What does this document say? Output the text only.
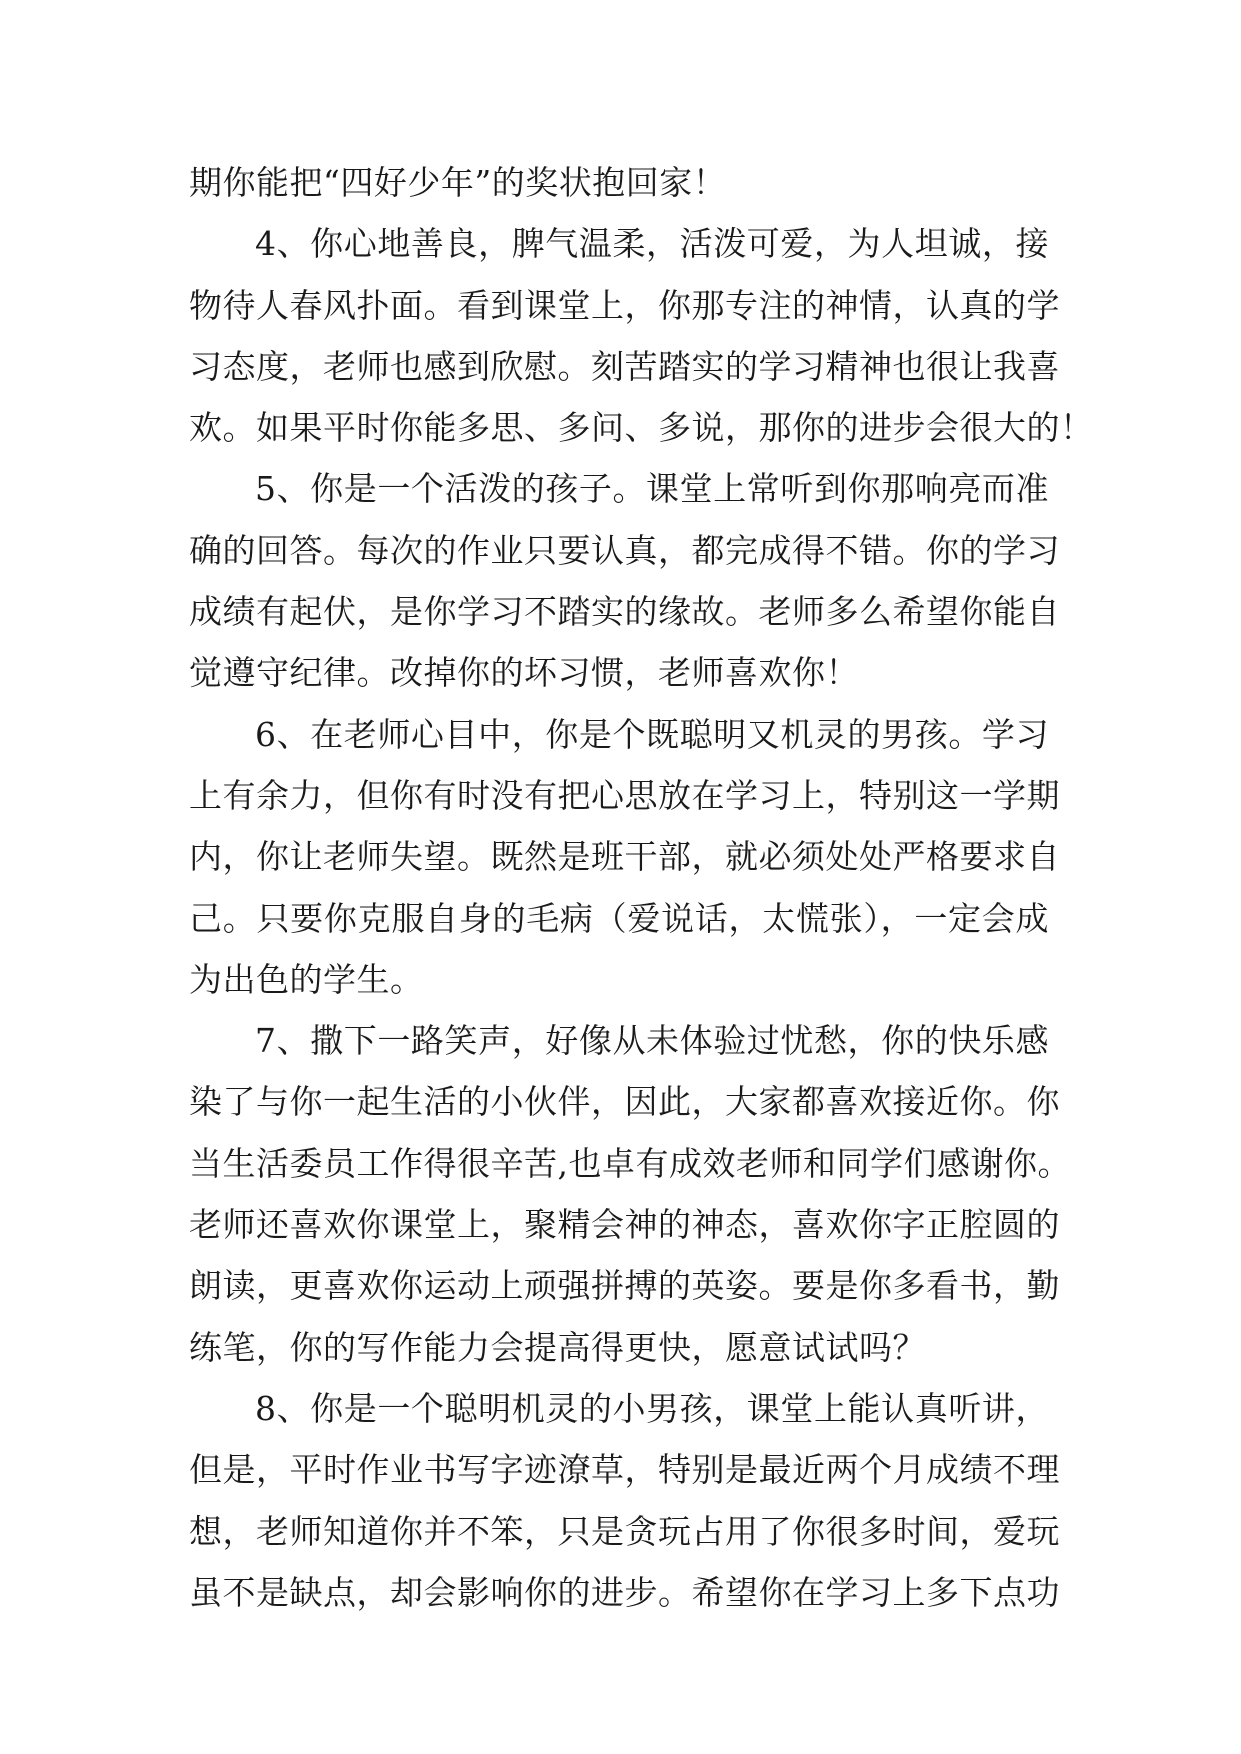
期你能把“四好少年”的奖状抱回家！
4、你心地善良，脾气温柔，活泼可爱，为人坦诚，接
物待人春风扑面。看到课堂上，你那专注的神情，认真的学
习态度，老师也感到欣慰。刻苦踏实的学习精神也很让我喜
欢。如果平时你能多思、多问、多说，那你的进步会很大的！
5、你是一个活泼的孩子。课堂上常听到你那响亮而准
确的回答。每次的作业只要认真，都完成得不错。你的学习
成绩有起伏，是你学习不踏实的缘故。老师多么希望你能自
觉遵守纪律。改掉你的坏习惯，老师喜欢你！
6、在老师心目中，你是个既聪明又机灵的男孩。学习
上有余力，但你有时没有把心思放在学习上，特别这一学期
内，你让老师失望。既然是班干部，就必须处处严格要求自
己。只要你克服自身的毛病（爱说话，太慌张），一定会成
为出色的学生。
7、撒下一路笑声，好像从未体验过忧愁，你的快乐感
染了与你一起生活的小伙伴，因此，大家都喜欢接近你。你
当生活委员工作得很辛苦,也卓有成效老师和同学们感谢你。
老师还喜欢你课堂上，聚精会神的神态，喜欢你字正腔圆的
朗读，更喜欢你运动上顽强拼搏的英姿。要是你多看书，勤
练笔，你的写作能力会提高得更快，愿意试试吗？
8、你是一个聪明机灵的小男孩，课堂上能认真听讲，
但是，平时作业书写字迹潦草，特别是最近两个月成绩不理
想，老师知道你并不笨，只是贪玩占用了你很多时间，爱玩
虽不是缺点，却会影响你的进步。希望你在学习上多下点功
